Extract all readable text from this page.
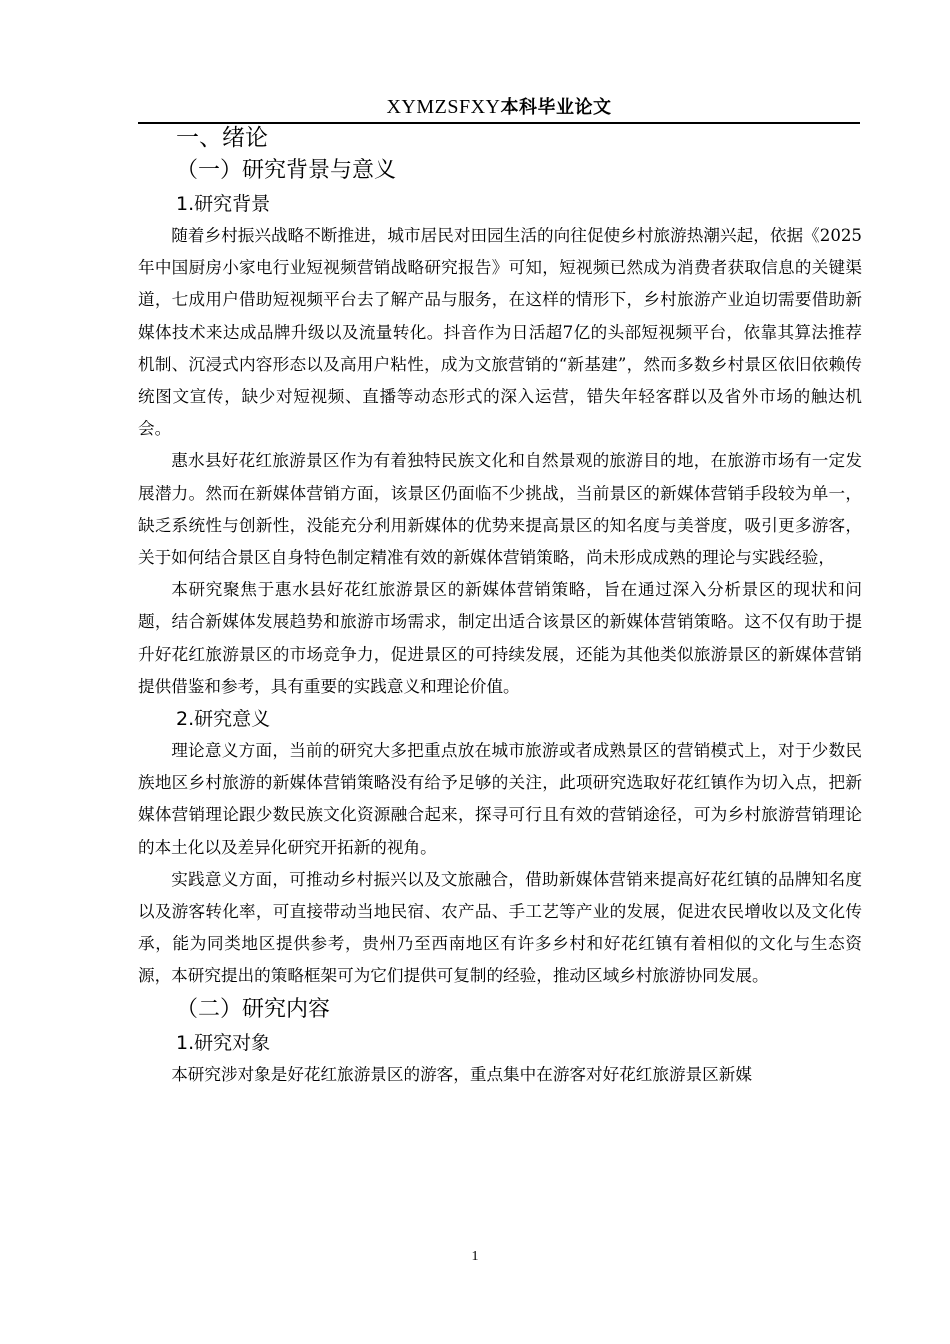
XYMZSFXY本科毕业论文
一、绪论
（一）研究背景与意义
1.研究背景

随着乡村振兴战略不断推进，城市居民对田园生活的向往促使乡村旅游热潮兴起，依据《2025年中国厨房小家电行业短视频营销战略研究报告》可知，短视频已然成为消费者获取信息的关键渠道，七成用户借助短视频平台去了解产品与服务，在这样的情形下，乡村旅游产业迫切需要借助新媒体技术来达成品牌升级以及流量转化。抖音作为日活超7亿的头部短视频平台，依靠其算法推荐机制、沉浸式内容形态以及高用户粘性，成为文旅营销的“新基建”，然而多数乡村景区依旧依赖传统图文宣传，缺少对短视频、直播等动态形式的深入运营，错失年轻客群以及省外市场的触达机会。

惠水县好花红旅游景区作为有着独特民族文化和自然景观的旅游目的地，在旅游市场有一定发展潜力。然而在新媒体营销方面，该景区仍面临不少挑战，当前景区的新媒体营销手段较为单一，缺乏系统性与创新性，没能充分利用新媒体的优势来提高景区的知名度与美誉度，吸引更多游客，关于如何结合景区自身特色制定精准有效的新媒体营销策略，尚未形成成熟的理论与实践经验，

本研究聚焦于惠水县好花红旅游景区的新媒体营销策略，旨在通过深入分析景区的现状和问题，结合新媒体发展趋势和旅游市场需求，制定出适合该景区的新媒体营销策略。这不仅有助于提升好花红旅游景区的市场竞争力，促进景区的可持续发展，还能为其他类似旅游景区的新媒体营销提供借鉴和参考，具有重要的实践意义和理论价值。

2.研究意义

理论意义方面，当前的研究大多把重点放在城市旅游或者成熟景区的营销模式上，对于少数民族地区乡村旅游的新媒体营销策略没有给予足够的关注，此项研究选取好花红镇作为切入点，把新媒体营销理论跟少数民族文化资源融合起来，探寻可行且有效的营销途径，可为乡村旅游营销理论的本土化以及差异化研究开拓新的视角。

实践意义方面，可推动乡村振兴以及文旅融合，借助新媒体营销来提高好花红镇的品牌知名度以及游客转化率，可直接带动当地民宿、农产品、手工艺等产业的发展，促进农民增收以及文化传承，能为同类地区提供参考，贵州乃至西南地区有许多乡村和好花红镇有着相似的文化与生态资源，本研究提出的策略框架可为它们提供可复制的经验，推动区域乡村旅游协同发展。

（二）研究内容
1.研究对象

本研究涉对象是好花红旅游景区的游客，重点集中在游客对好花红旅游景区新媒

1
